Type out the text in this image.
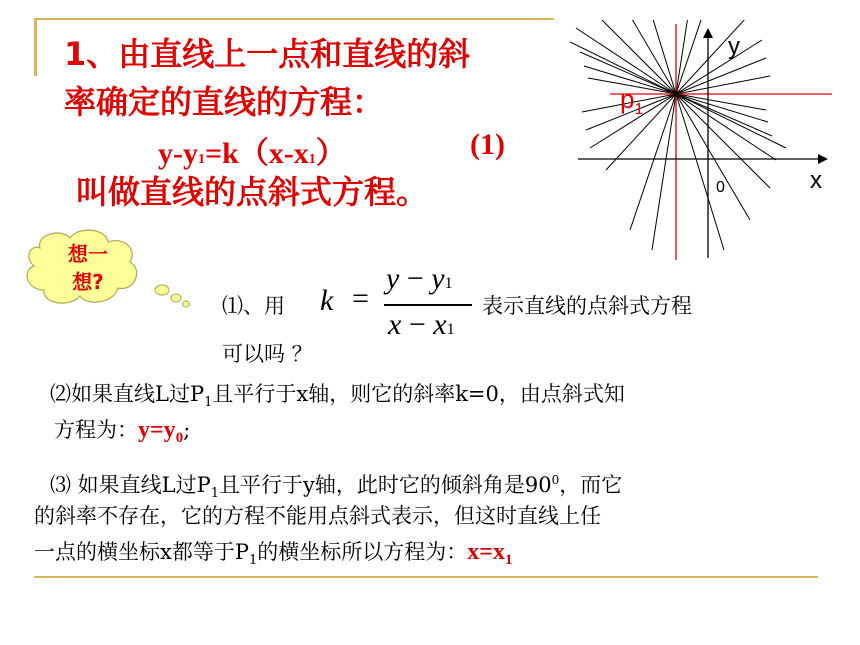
1、由直线上一点和直线的斜
率确定的直线的方程：
y-y1=k（x-x1）	(1)
叫做直线的点斜式方程。
y
x
0
$p_1$
想一
想?
⑴、用 k =
y − y1
x − x1
表示直线的点斜式方程
可以吗 ？
⑵如果直线L过$P_1$且平行于x轴，则它的斜率k=0，由点斜式知
方程为：$y=y_0$;
⑶ 如果直线L过$P_1$且平行于y轴，此时它的倾斜角是$90^0$，而它
的斜率不存在，它的方程不能用点斜式表示，但这时直线上任
一点的横坐标x都等于$P_1$的横坐标所以方程为：$x=x_1$
